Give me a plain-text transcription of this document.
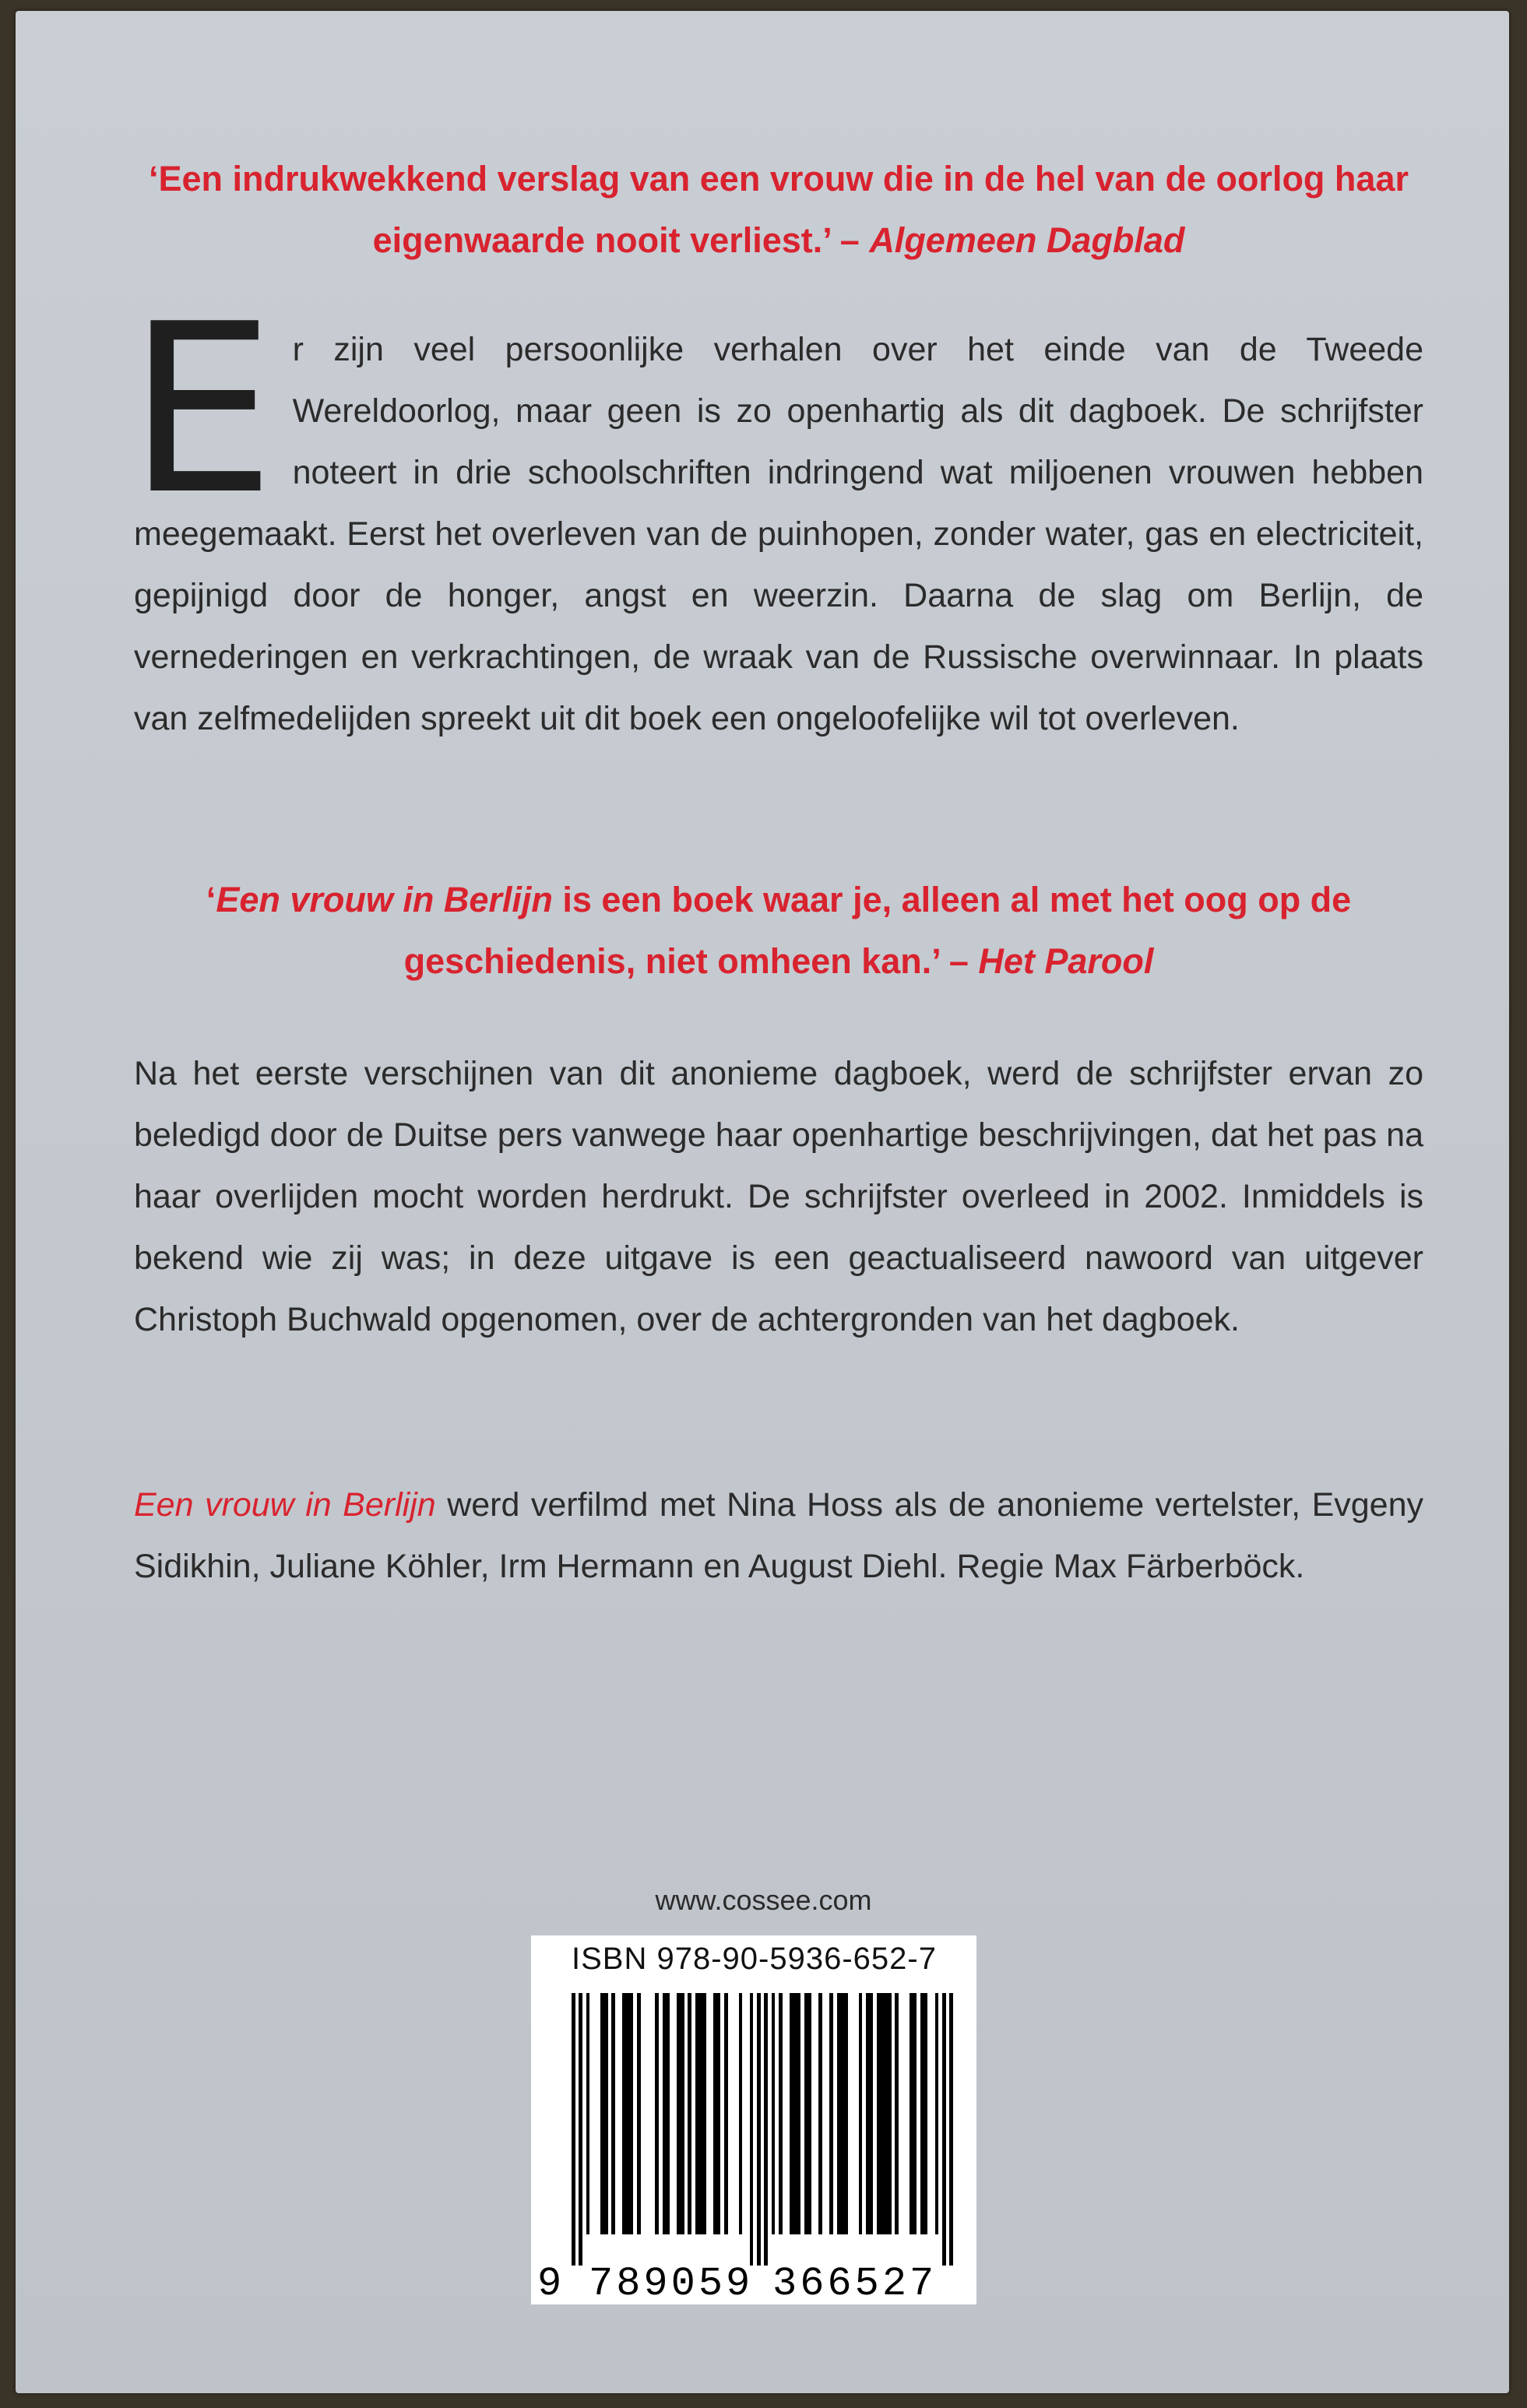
‘Een indrukwekkend verslag van een vrouw die in de hel van de oorlog haar eigenwaarde nooit verliest.’ – Algemeen Dagblad

Er zijn veel persoonlijke verhalen over het einde van de Tweede Wereldoorlog, maar geen is zo openhartig als dit dagboek. De schrijfster noteert in drie schoolschriften indringend wat miljoenen vrouwen hebben meegemaakt. Eerst het overleven van de puinhopen, zonder water, gas en electriciteit, gepijnigd door de honger, angst en weerzin. Daarna de slag om Berlijn, de vernederingen en verkrachtingen, de wraak van de Russische overwinnaar. In plaats van zelfmedelijden spreekt uit dit boek een ongeloofelijke wil tot overleven.

‘Een vrouw in Berlijn is een boek waar je, alleen al met het oog op de geschiedenis, niet omheen kan.’ – Het Parool

Na het eerste verschijnen van dit anonieme dagboek, werd de schrijfster ervan zo beledigd door de Duitse pers vanwege haar openhartige beschrijvingen, dat het pas na haar overlijden mocht worden herdrukt. De schrijfster overleed in 2002. Inmiddels is bekend wie zij was; in deze uitgave is een geactualiseerd nawoord van uitgever Christoph Buchwald opgenomen, over de achtergronden van het dagboek.

Een vrouw in Berlijn werd verfilmd met Nina Hoss als de anonieme vertelster, Evgeny Sidikhin, Juliane Köhler, Irm Hermann en August Diehl. Regie Max Färberböck.

www.cossee.com
ISBN 978-90-5936-652-7
9 789059 366527
